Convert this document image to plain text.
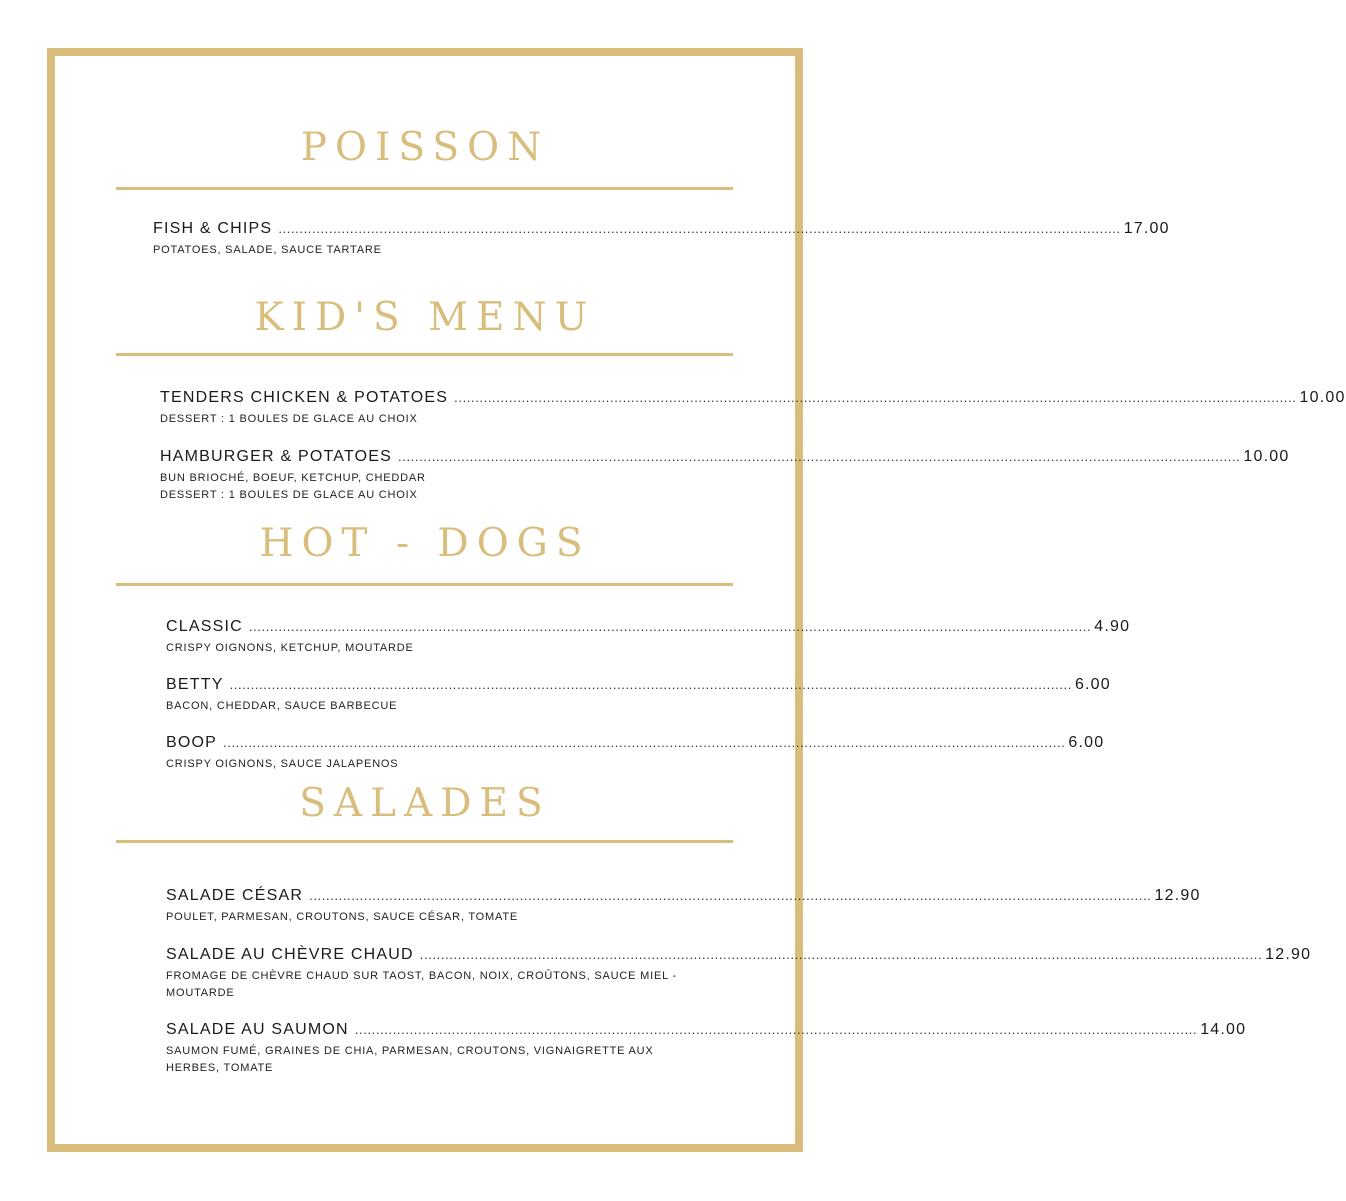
POISSON
FISH & CHIPS ........................................................................................................................................................................................................ 17.00
POTATOES, SALADE, SAUCE TARTARE
KID'S MENU
TENDERS CHICKEN & POTATOES ........................................................................................................................................................................................................ 10.00
DESSERT : 1 BOULES DE GLACE AU CHOIX
HAMBURGER & POTATOES ........................................................................................................................................................................................................ 10.00
BUN BRIOCHÉ, BOEUF, KETCHUP, CHEDDAR
DESSERT : 1 BOULES DE GLACE AU CHOIX
HOT - DOGS
CLASSIC ........................................................................................................................................................................................................ 4.90
CRISPY OIGNONS, KETCHUP, MOUTARDE
BETTY ........................................................................................................................................................................................................ 6.00
BACON, CHEDDAR, SAUCE BARBECUE
BOOP ........................................................................................................................................................................................................ 6.00
CRISPY OIGNONS, SAUCE JALAPENOS
SALADES
SALADE CÉSAR ........................................................................................................................................................................................................ 12.90
POULET, PARMESAN, CROUTONS, SAUCE CÉSAR, TOMATE
SALADE AU CHÈVRE CHAUD ........................................................................................................................................................................................................ 12.90
FROMAGE DE CHÈVRE CHAUD SUR TAOST, BACON, NOIX, CROÛTONS, SAUCE MIEL -
MOUTARDE
SALADE AU SAUMON ........................................................................................................................................................................................................ 14.00
SAUMON FUMÉ, GRAINES DE CHIA, PARMESAN, CROUTONS, VIGNAIGRETTE AUX
HERBES, TOMATE
